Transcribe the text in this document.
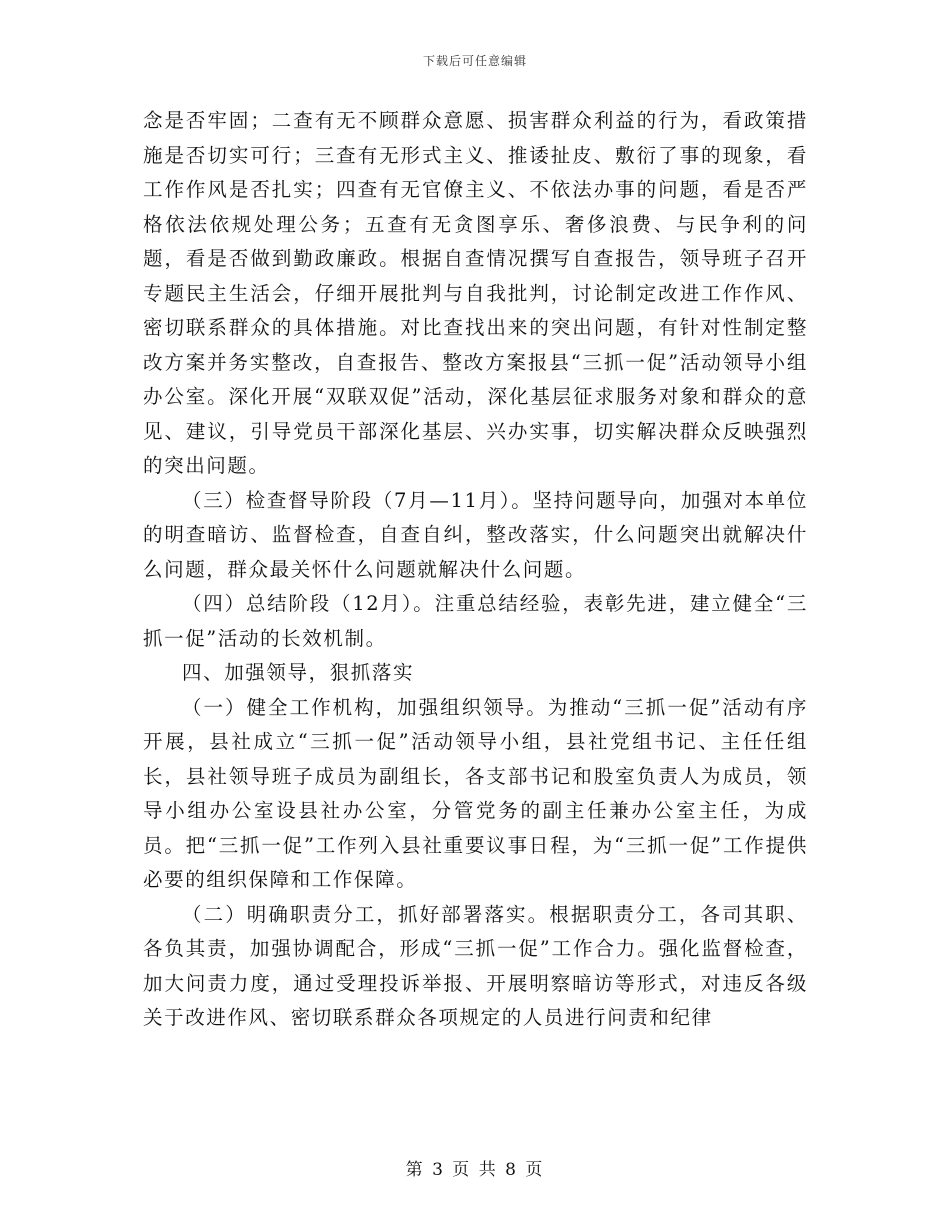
下载后可任意编辑

念是否牢固；二查有无不顾群众意愿、损害群众利益的行为，看政策措施是否切实可行；三查有无形式主义、推诿扯皮、敷衍了事的现象，看工作作风是否扎实；四查有无官僚主义、不依法办事的问题，看是否严格依法依规处理公务；五查有无贪图享乐、奢侈浪费、与民争利的问题，看是否做到勤政廉政。根据自查情况撰写自查报告，领导班子召开专题民主生活会，仔细开展批判与自我批判，讨论制定改进工作作风、密切联系群众的具体措施。对比查找出来的突出问题，有针对性制定整改方案并务实整改，自查报告、整改方案报县“三抓一促”活动领导小组办公室。深化开展“双联双促”活动，深化基层征求服务对象和群众的意见、建议，引导党员干部深化基层、兴办实事，切实解决群众反映强烈的突出问题。

（三）检查督导阶段（7月—11月）。坚持问题导向，加强对本单位的明查暗访、监督检查，自查自纠，整改落实，什么问题突出就解决什么问题，群众最关怀什么问题就解决什么问题。

（四）总结阶段（12月）。注重总结经验，表彰先进，建立健全“三抓一促”活动的长效机制。

四、加强领导，狠抓落实

（一）健全工作机构，加强组织领导。为推动“三抓一促”活动有序开展，县社成立“三抓一促”活动领导小组，县社党组书记、主任任组长，县社领导班子成员为副组长，各支部书记和股室负责人为成员，领导小组办公室设县社办公室，分管党务的副主任兼办公室主任，为成员。把“三抓一促”工作列入县社重要议事日程，为“三抓一促”工作提供必要的组织保障和工作保障。

（二）明确职责分工，抓好部署落实。根据职责分工，各司其职、各负其责，加强协调配合，形成“三抓一促”工作合力。强化监督检查，加大问责力度，通过受理投诉举报、开展明察暗访等形式，对违反各级关于改进作风、密切联系群众各项规定的人员进行问责和纪律

第 3 页 共 8 页
